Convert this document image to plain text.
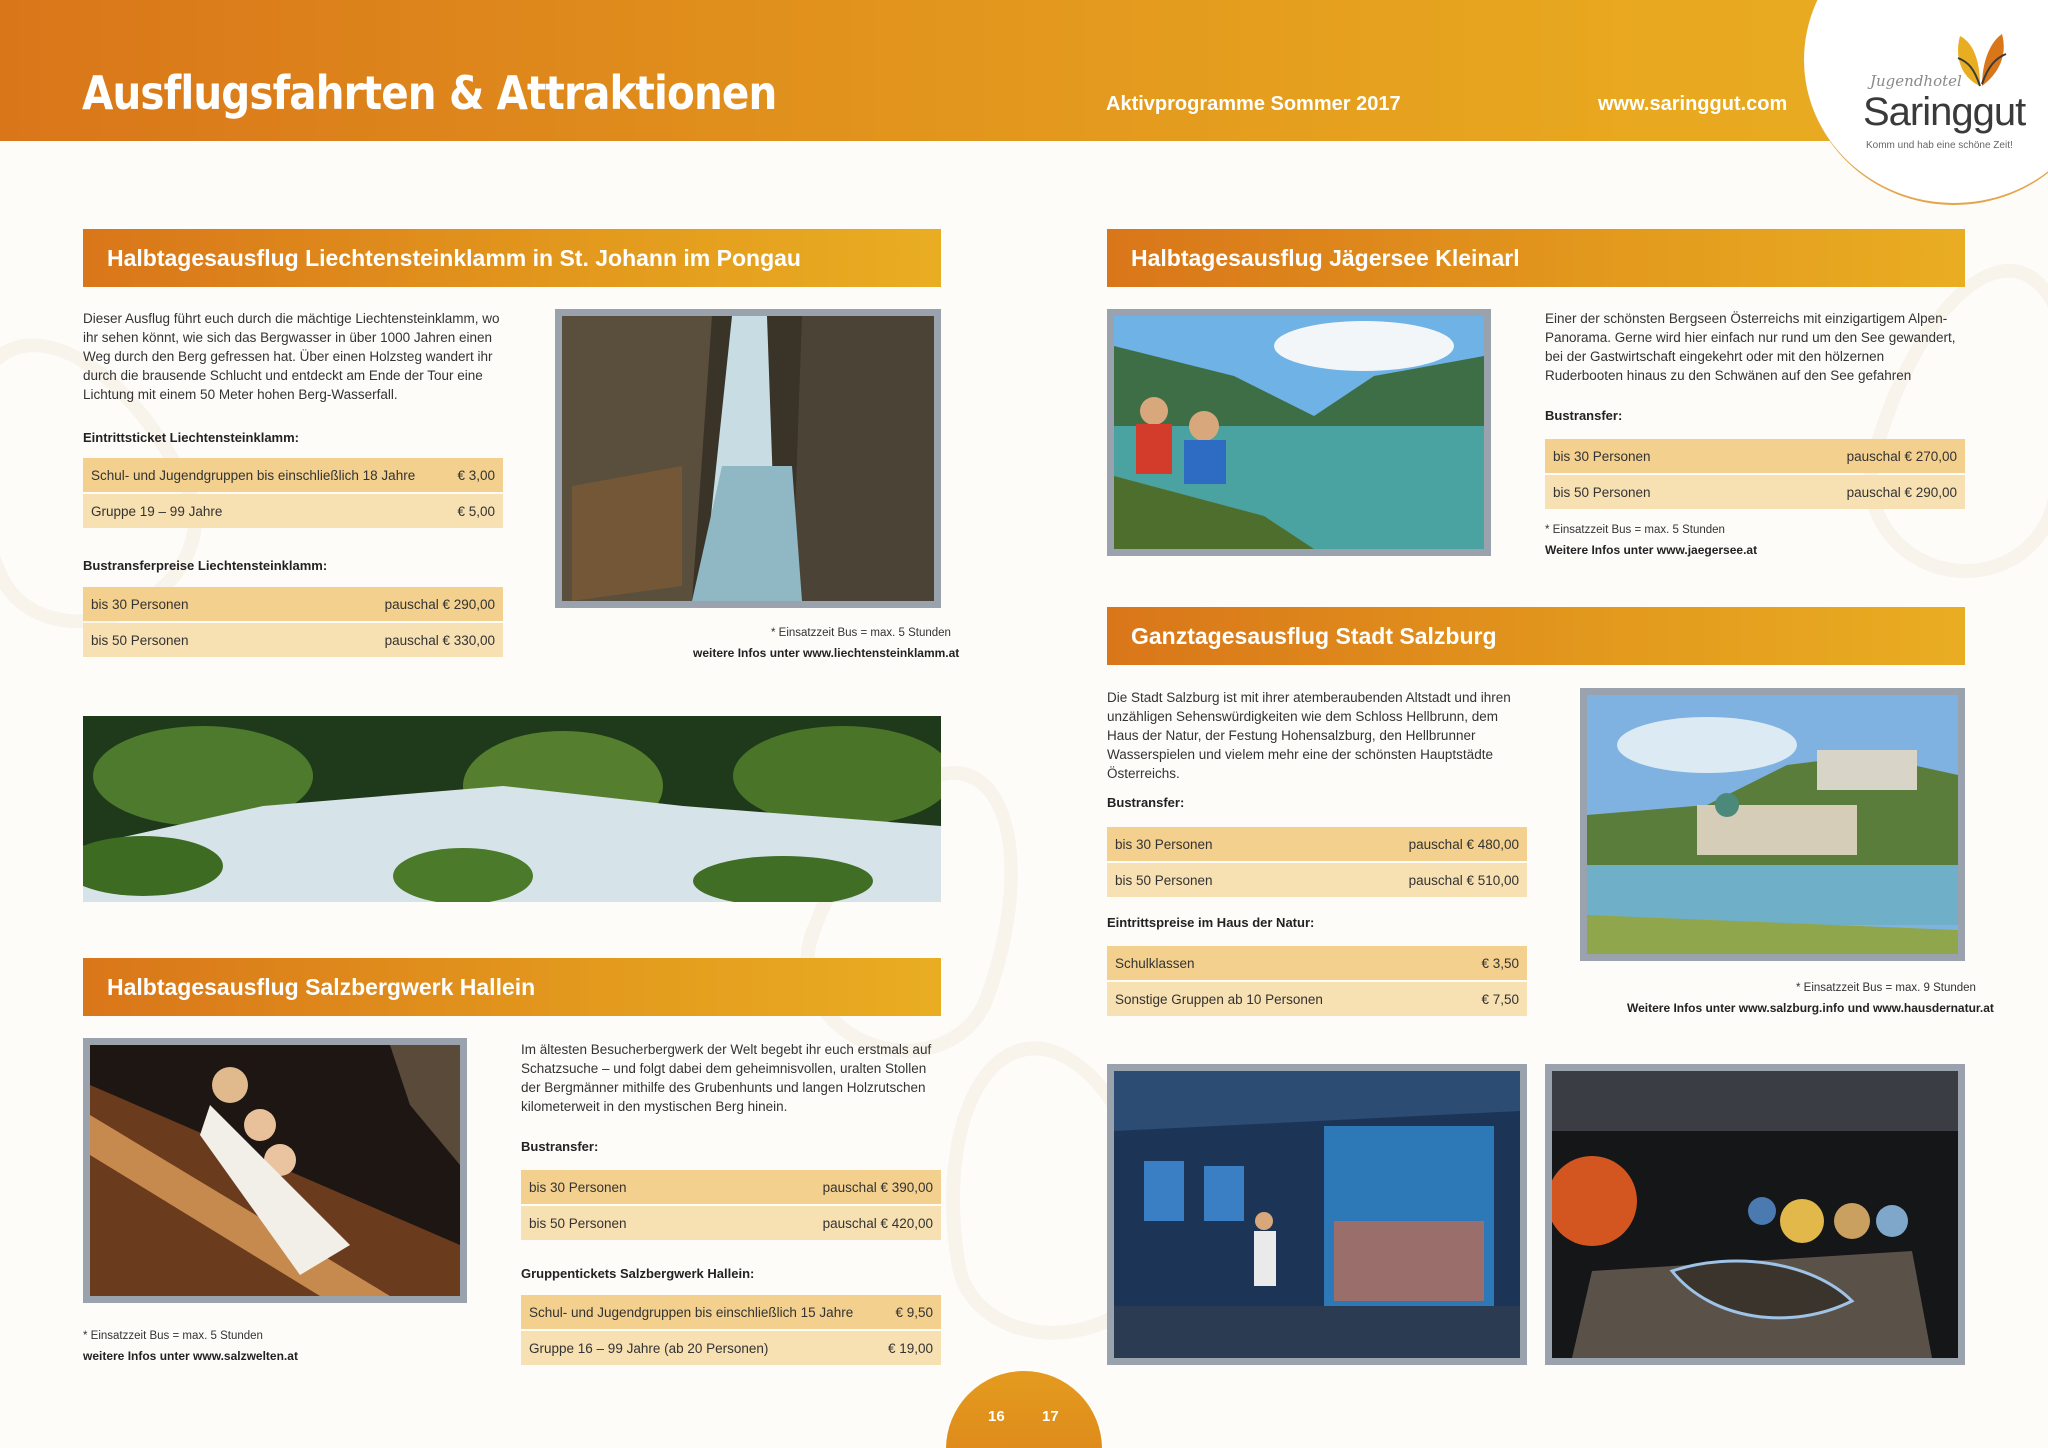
Ausflugsfahrten & Attraktionen	Aktivprogramme Sommer 2017	www.saringgut.com
Jugendhotel
Saringgut
Komm und hab eine schöne Zeit!
Halbtagesausflug Liechtensteinklamm in St. Johann im Pongau
Dieser Ausflug führt euch durch die mächtige Liechtensteinklamm, wo ihr sehen könnt, wie sich das Bergwasser in über 1000 Jahren einen Weg durch den Berg gefressen hat. Über einen Holzsteg wandert ihr durch die brausende Schlucht und entdeckt am Ende der Tour eine Lichtung mit einem 50 Meter hohen Berg-Wasserfall.
Eintrittsticket Liechtensteinklamm:
Schul- und Jugendgruppen bis einschließlich 18 Jahre	€ 3,00
Gruppe 19 – 99 Jahre	€ 5,00
Bustransferpreise Liechtensteinklamm:
bis 30 Personen	pauschal € 290,00
bis 50 Personen	pauschal € 330,00	* Einsatzzeit Bus = max. 5 Stunden
weitere Infos unter www.liechtensteinklamm.at
Halbtagesausflug Salzbergwerk Hallein
* Einsatzzeit Bus = max. 5 Stunden
weitere Infos unter www.salzwelten.at
Im ältesten Besucherbergwerk der Welt begebt ihr euch erstmals auf Schatzsuche – und folgt dabei dem geheimnisvollen, uralten Stollen der Bergmänner mithilfe des Grubenhunts und langen Holzrutschen kilometerweit in den mystischen Berg hinein.
Bustransfer:
bis 30 Personen	pauschal € 390,00
bis 50 Personen	pauschal € 420,00
Gruppentickets Salzbergwerk Hallein:
Schul- und Jugendgruppen bis einschließlich 15 Jahre	€ 9,50
Gruppe 16 – 99 Jahre (ab 20 Personen)	€ 19,00
Halbtagesausflug Jägersee Kleinarl
Einer der schönsten Bergseen Österreichs mit einzigartigem Alpen-Panorama. Gerne wird hier einfach nur rund um den See gewandert, bei der Gastwirtschaft eingekehrt oder mit den hölzernen Ruderbooten hinaus zu den Schwänen auf den See gefahren
Bustransfer:
bis 30 Personen	pauschal € 270,00
bis 50 Personen	pauschal € 290,00
* Einsatzzeit Bus = max. 5 Stunden
Weitere Infos unter www.jaegersee.at
Ganztagesausflug Stadt Salzburg
Die Stadt Salzburg ist mit ihrer atemberaubenden Altstadt und ihren unzähligen Sehenswürdigkeiten wie dem Schloss Hellbrunn, dem Haus der Natur, der Festung Hohensalzburg, den Hellbrunner Wasserspielen und vielem mehr eine der schönsten Hauptstädte Österreichs.
Bustransfer:
bis 30 Personen	pauschal € 480,00
bis 50 Personen	pauschal € 510,00
Eintrittspreise im Haus der Natur:
Schulklassen	€ 3,50
Sonstige Gruppen ab 10 Personen	€ 7,50
* Einsatzzeit Bus = max. 9 Stunden
Weitere Infos unter www.salzburg.info und www.hausdernatur.at
16 17
